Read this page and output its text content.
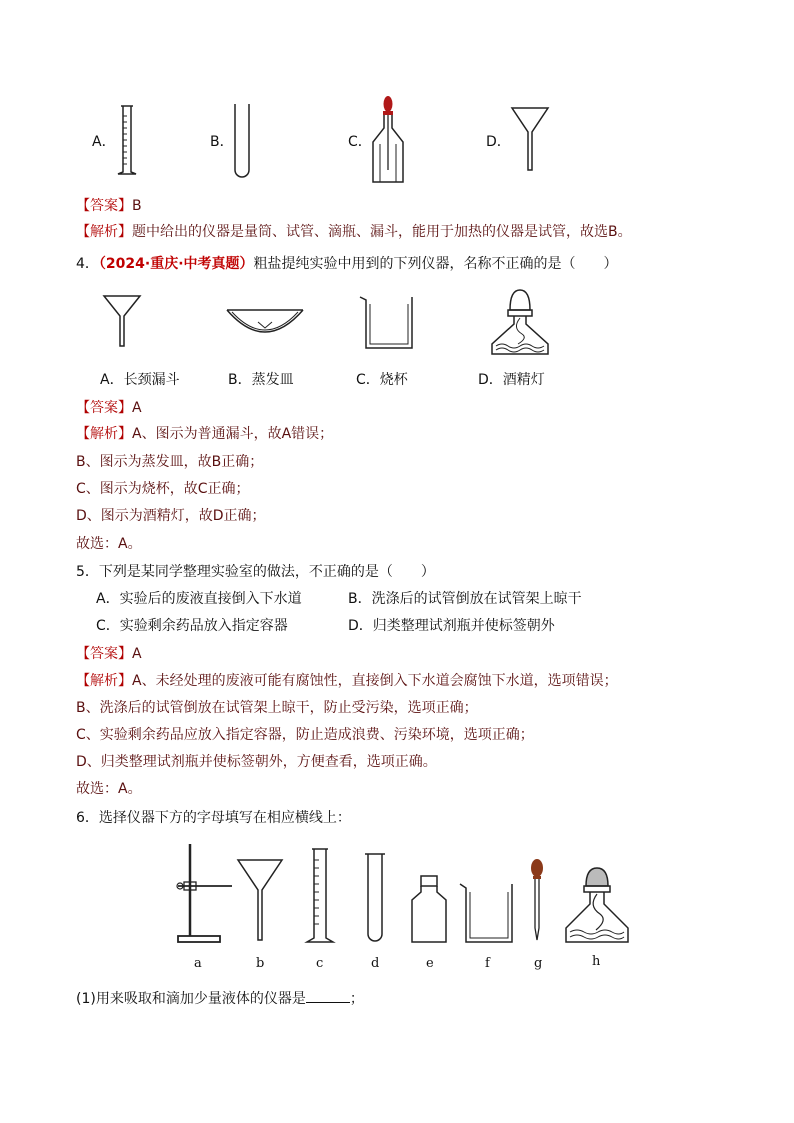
A．	B．	C．	D．
【答案】B
【解析】题中给出的仪器是量筒、试管、滴瓶、漏斗，能用于加热的仪器是试管，故选B。
4．（2024·重庆·中考真题）粗盐提纯实验中用到的下列仪器，名称不正确的是（　　）
A．长颈漏斗	B．蒸发皿	C．烧杯	D．酒精灯
【答案】A
【解析】A、图示为普通漏斗，故A错误；
B、图示为蒸发皿，故B正确；
C、图示为烧杯，故C正确；
D、图示为酒精灯，故D正确；
故选：A。
5．下列是某同学整理实验室的做法，不正确的是（　　）
A．实验后的废液直接倒入下水道	B．洗涤后的试管倒放在试管架上晾干
C．实验剩余药品放入指定容器	D．归类整理试剂瓶并使标签朝外
【答案】A
【解析】A、未经处理的废液可能有腐蚀性，直接倒入下水道会腐蚀下水道，选项错误；
B、洗涤后的试管倒放在试管架上晾干，防止受污染，选项正确；
C、实验剩余药品应放入指定容器，防止造成浪费、污染环境，选项正确；
D、归类整理试剂瓶并使标签朝外，方便查看，选项正确。
故选：A。
6．选择仪器下方的字母填写在相应横线上：
a	b	c	d	e	f	g	h
(1)用来吸取和滴加少量液体的仪器是	；
